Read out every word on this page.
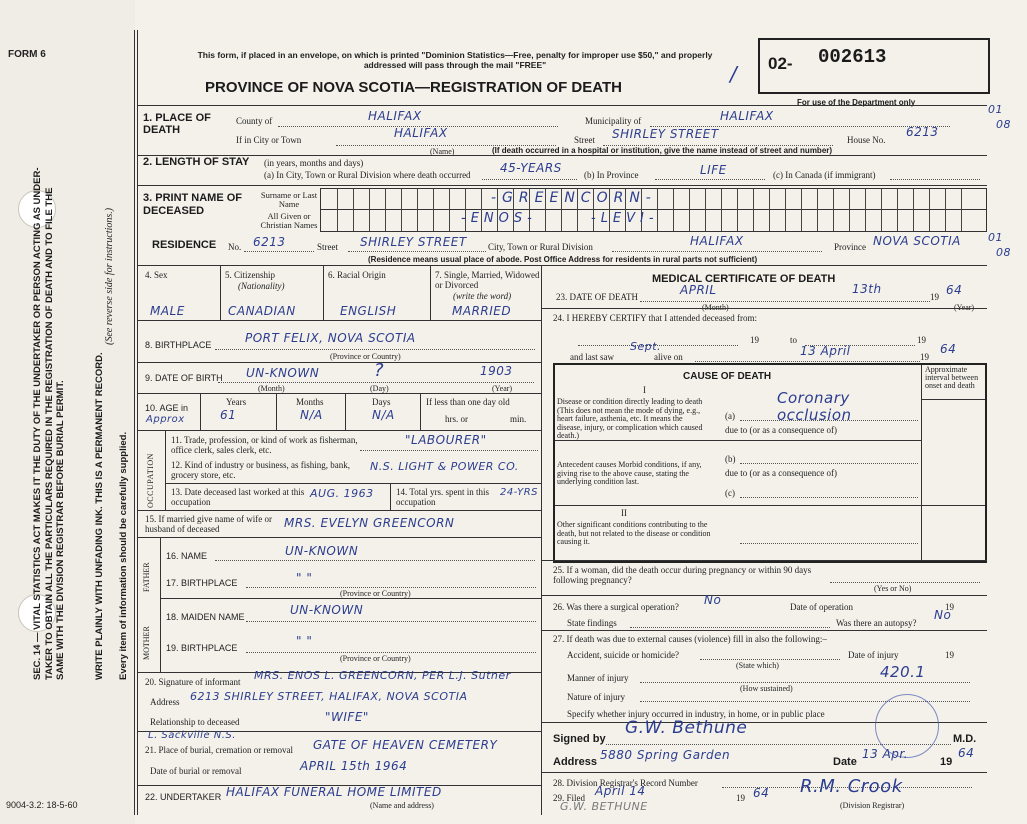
FORM 6
SEC. 14 — VITAL STATISTICS ACT MAKES IT THE DUTY OF THE UNDERTAKER OR PERSON ACTING AS UNDER-TAKER TO OBTAIN ALL THE PARTICULARS REQUIRED IN THE REGISTRATION OF DEATH AND TO FILE THE SAME WITH THE DIVISION REGISTRAR BEFORE BURIAL PERMIT.	WRITE PLAINLY WITH UNFADING INK. THIS IS A PERMANENT RECORD.
(See reverse side for instructions.)
Every item of information should be carefully supplied.
9004-3.2: 18-5-60
This form, if placed in an envelope, on which is printed "Dominion Statistics—Free, penalty for improper use $50," and properly addressed will pass through the mail "FREE"
PROVINCE OF NOVA SCOTIA—REGISTRATION OF DEATH
02- 002613
/
For use of the Department only
01
08
01
08
1. PLACE OF DEATH
County of	HALIFAX	Municipality of	HALIFAX
If in City or Town	HALIFAX
(Name)
Street SHIRLEY STREET	House No.
6213
(If death occurred in a hospital or institution, give the name instead of street and number)
2. LENGTH OF STAY (in years, months and days)
(a) In City, Town or Rural Division where death occurred 45-YEARS (b) In Province	LIFE	(c) In Canada (if immigrant)
3. PRINT NAME OF DECEASED
Surname or Last Name
All Given or Christian Names
-GREENCORN-
-ENOS-	-LEVI-
RESIDENCE No. 6213	Street SHIRLEY STREET City, Town or Rural Division	HALIFAX	Province NOVA SCOTIA
(Residence means usual place of abode. Post Office Address for residents in rural parts not sufficient)
4. Sex	5. Citizenship
(Nationality)
6. Racial Origin	7. Single, Married, Widowed or Divorced
(write the word)
MALE	CANADIAN	ENGLISH	MARRIED
8. BIRTHPLACE	PORT FELIX, NOVA SCOTIA
(Province or Country)
9. DATE OF BIRTH UN-KNOWN	?	1903
(Month)	(Day)	(Year)
10. AGE in
Approx
Years	Months	Days	If less than one day old
hrs. or	min.
61	N/A	N/A
OCCUPATION
11. Trade, profession, or kind of work as fisherman, office clerk, sales clerk, etc.
"LABOURER"
12. Kind of industry or business, as fishing, bank, grocery store, etc.
N.S. LIGHT & POWER CO.
13. Date deceased last worked at this occupation
AUG. 1963 14. Total yrs. spent in this occupation
24-YRS
15. If married give name of wife or husband of deceased	MRS. EVELYN GREENCORN
FATHER
MOTHER
16. NAME	UN-KNOWN
17. BIRTHPLACE	" "
(Province or Country)
18. MAIDEN NAME	UN-KNOWN
19. BIRTHPLACE	" "
(Province or Country)
20. Signature of informant MRS. ENOS L. GREENCORN, PER L.J. Sutner
Address 6213 SHIRLEY STREET, HALIFAX, NOVA SCOTIA
Relationship to deceased	"WIFE"
L. Sackville N.S.
21. Place of burial, cremation or removal GATE OF HEAVEN CEMETERY
Date of burial or removal	APRIL 15th 1964
22. UNDERTAKER HALIFAX FUNERAL HOME LIMITED
(Name and address)	G.W. BETHUNE
MEDICAL CERTIFICATE OF DEATH
23. DATE OF DEATH	APRIL	13th
19 64
(Month)	(Year)
24. I HEREBY CERTIFY that I attended deceased from:
19	to	19
and last saw
Sept.
alive on	13 April	19
64
CAUSE OF DEATH
Approximate interval between onset and death
I
Disease or condition directly leading to death (This does not mean the mode of dying, e.g., heart failure, asthenia, etc. It means the disease, injury, or complication which caused death.)
(a)
Coronary occlusion
due to (or as a consequence of)
Antecedent causes Morbid conditions, if any, giving rise to the above cause, stating the underlying condition last.
(b)
due to (or as a consequence of)
(c)
II
Other significant conditions contributing to the death, but not related to the disease or condition causing it.
25. If a woman, did the death occur during pregnancy or within 90 days following pregnancy?
(Yes or No)
26. Was there a surgical operation? No	Date of operation	19
State findings	Was there an autopsy?
No
27. If death was due to external causes (violence) fill in also the following:–
Accident, suicide or homicide?
(State which)
Date of injury	19
Manner of injury	420.1
(How sustained)
Nature of injury
Specify whether injury occurred in industry, in home, or in public place
Signed by
G.W. Bethune
M.D.
Address 5880 Spring Garden	Date
13 Apr.
19
64
28. Division Registrar's Record Number
29. Filed April 14	19 64 R.M. Crook
(Division Registrar)
